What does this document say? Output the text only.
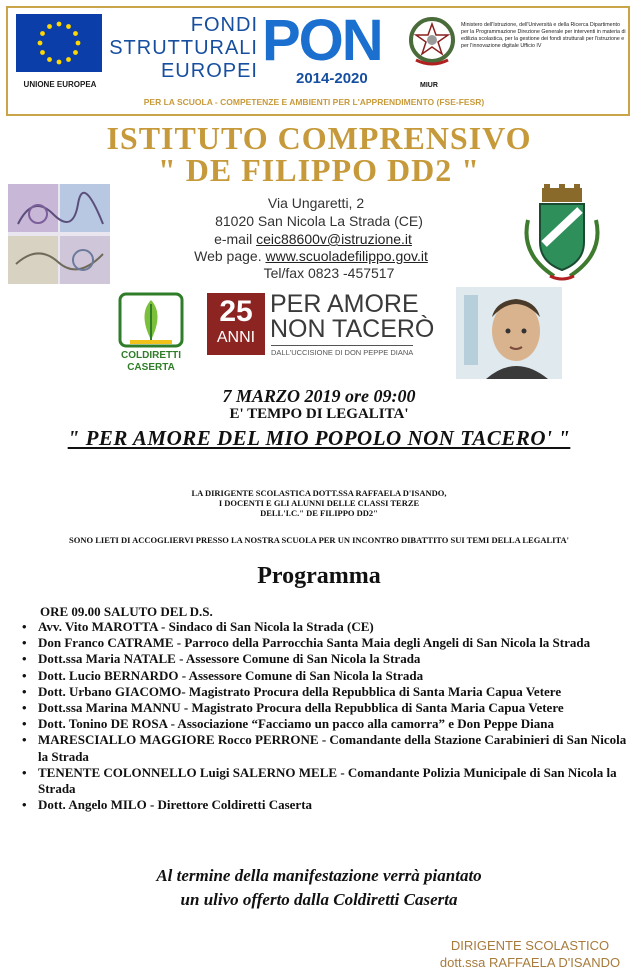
UNIONE EUROPEA
FONDI
STRUTTURALI
EUROPEI PON
2014-2020	MIUR
Ministero dell'Istruzione, dell'Università e della Ricerca Dipartimento per la Programmazione Direzione Generale per interventi in materia di edilizia scolastica, per la gestione dei fondi strutturali per l'istruzione e per l'innovazione digitale Ufficio IV
PER LA SCUOLA - COMPETENZE E AMBIENTI PER L'APPRENDIMENTO (FSE-FESR)
ISTITUTO COMPRENSIVO
" DE FILIPPO DD2 "
Via Ungaretti, 2
81020 San Nicola La Strada (CE)
e-mail ceic88600v@istruzione.it
Web page. www.scuoladefilippo.gov.it
Tel/fax 0823 -457517
COLDIRETTI
CASERTA
25
ANNI
PER AMORE
NON TACERÒ
DALL'UCCISIONE DI DON PEPPE DIANA
7 MARZO 2019 ore 09:00
E' TEMPO DI LEGALITA'
" PER AMORE DEL MIO POPOLO NON TACERO' "
LA DIRIGENTE SCOLASTICA DOTT.SSA RAFFAELA D'ISANDO,
I DOCENTI E GLI ALUNNI DELLE CLASSI TERZE
DELL'I.C." DE FILIPPO DD2"
SONO LIETI DI ACCOGLIERVI PRESSO LA NOSTRA SCUOLA PER UN INCONTRO DIBATTITO SUI TEMI DELLA LEGALITA'
Programma
ORE 09.00 SALUTO DEL D.S.
• Avv. Vito MAROTTA - Sindaco di San Nicola la Strada (CE)
• Don Franco CATRAME - Parroco della Parrocchia Santa Maia degli Angeli di San Nicola la Strada
• Dott.ssa Maria NATALE - Assessore Comune di San Nicola la Strada
• Dott. Lucio BERNARDO - Assessore Comune di San Nicola la Strada
• Dott. Urbano GIACOMO- Magistrato Procura della Repubblica di Santa Maria Capua Vetere
• Dott.ssa Marina MANNU - Magistrato Procura della Repubblica di Santa Maria Capua Vetere
• Dott. Tonino DE ROSA - Associazione “Facciamo un pacco alla camorra” e Don Peppe Diana
• MARESCIALLO MAGGIORE Rocco PERRONE - Comandante della Stazione Carabinieri di San Nicola la Strada
• TENENTE COLONNELLO Luigi SALERNO MELE - Comandante Polizia Municipale di San Nicola la Strada
• Dott. Angelo MILO - Direttore Coldiretti Caserta
Al termine della manifestazione verrà piantato
un ulivo offerto dalla Coldiretti Caserta
DIRIGENTE SCOLASTICO
dott.ssa RAFFAELA D'ISANDO
